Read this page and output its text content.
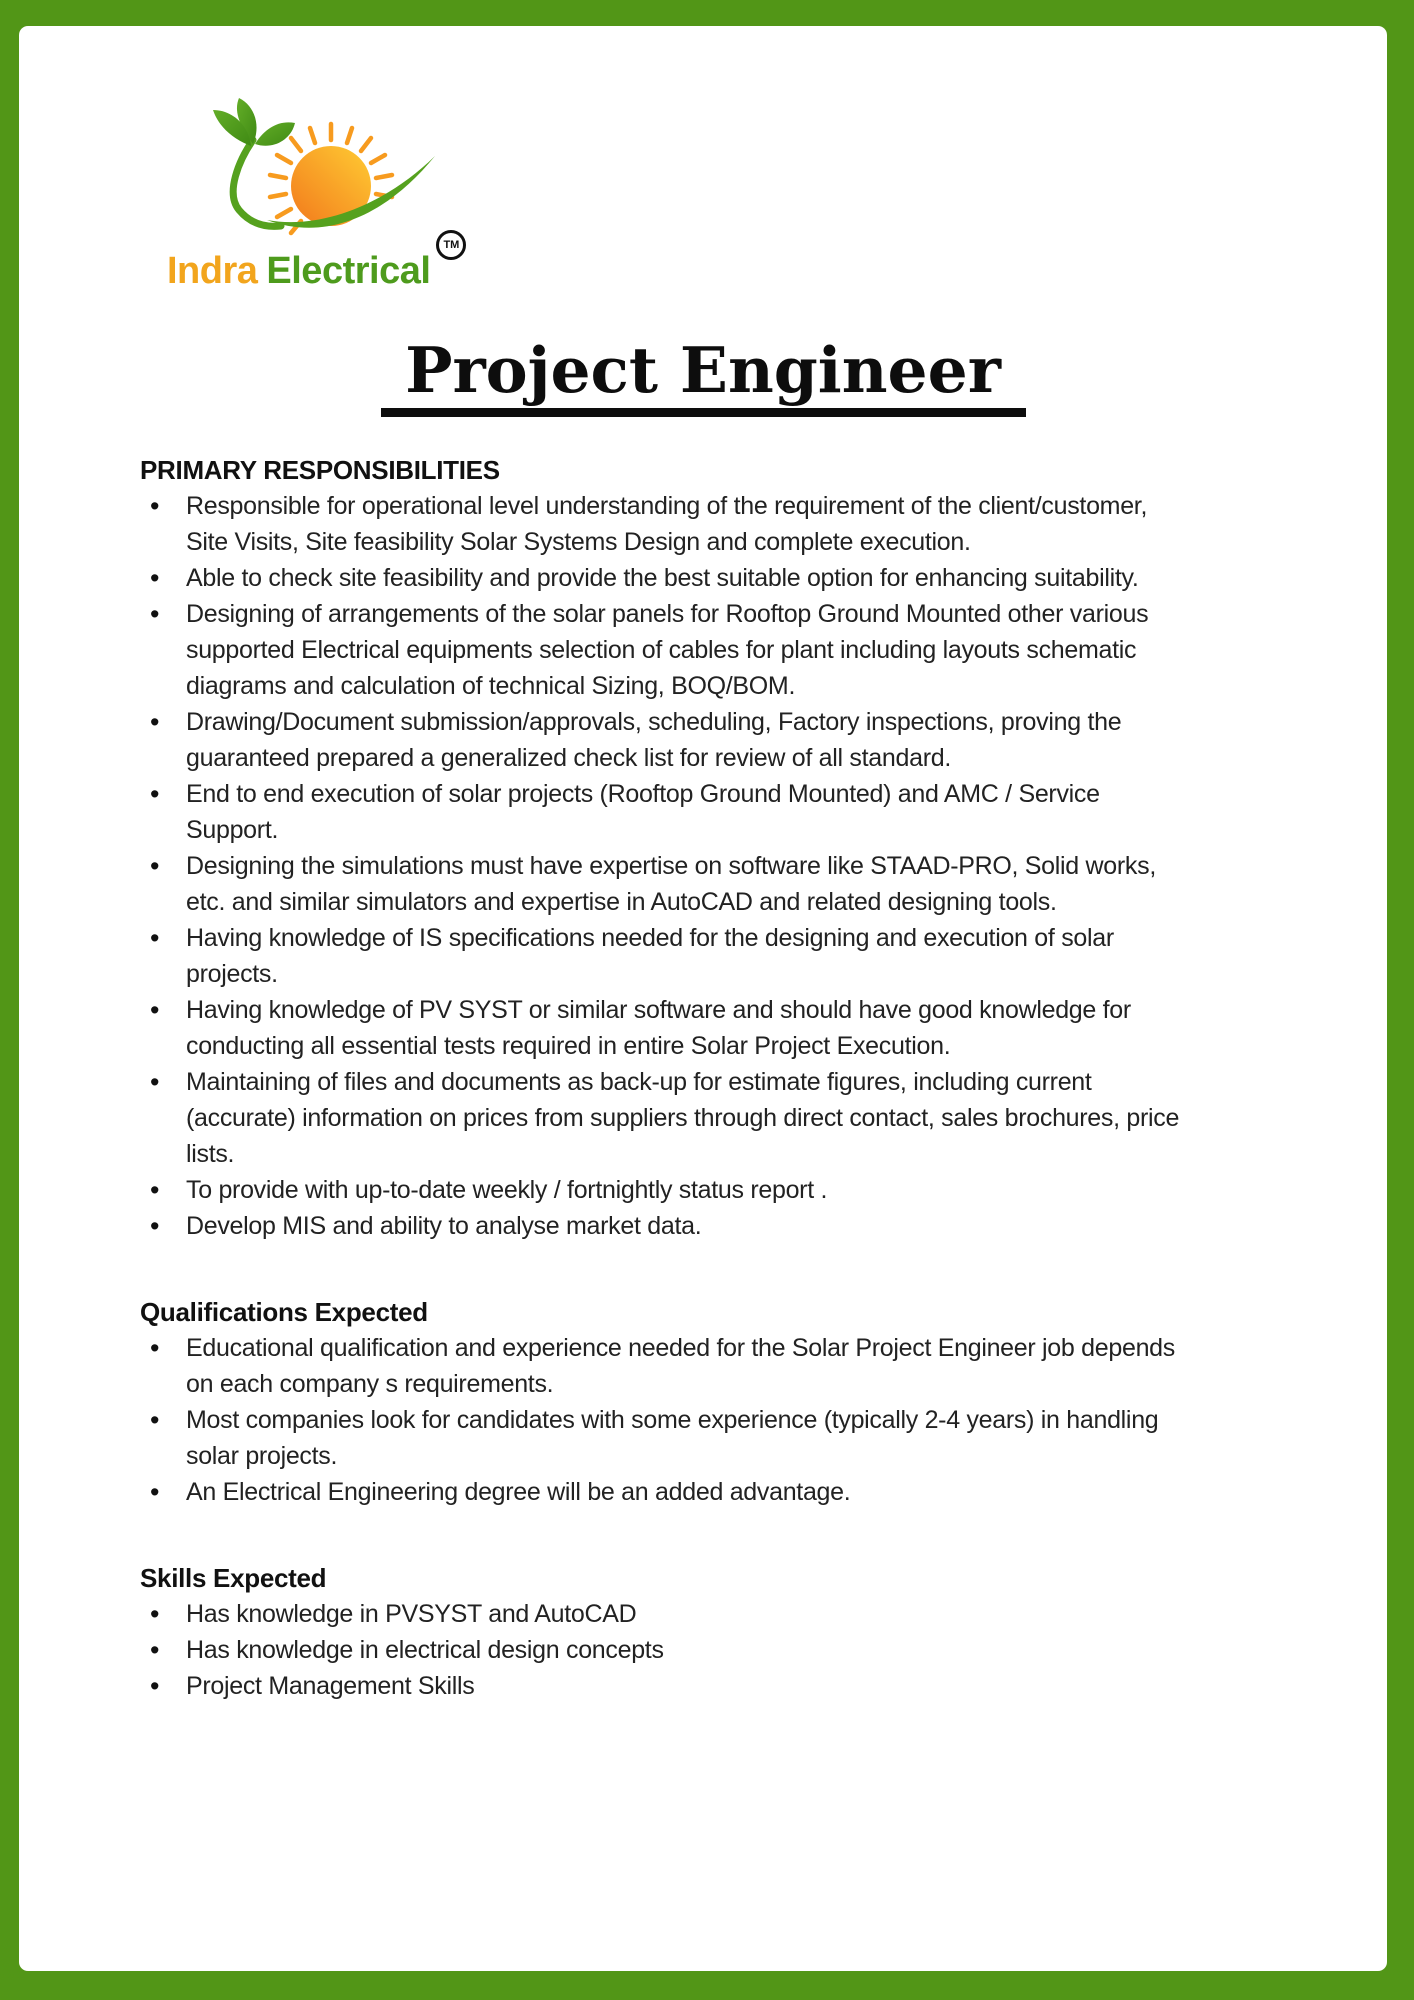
Indra ElectricalTM
Project Engineer
PRIMARY RESPONSIBILITIES
• Responsible for operational level understanding of the requirement of the client/customer, Site Visits, Site feasibility Solar Systems Design and complete execution.
• Able to check site feasibility and provide the best suitable option for enhancing suitability.
• Designing of arrangements of the solar panels for Rooftop Ground Mounted other various supported Electrical equipments selection of cables for plant including layouts schematic diagrams and calculation of technical Sizing, BOQ/BOM.
• Drawing/Document submission/approvals, scheduling, Factory inspections, proving the guaranteed prepared a generalized check list for review of all standard.
• End to end execution of solar projects (Rooftop Ground Mounted) and AMC / Service Support.
• Designing the simulations must have expertise on software like STAAD-PRO, Solid works, etc. and similar simulators and expertise in AutoCAD and related designing tools.
• Having knowledge of IS specifications needed for the designing and execution of solar projects.
• Having knowledge of PV SYST or similar software and should have good knowledge for conducting all essential tests required in entire Solar Project Execution.
• Maintaining of files and documents as back-up for estimate figures, including current (accurate) information on prices from suppliers through direct contact, sales brochures, price lists.
• To provide with up-to-date weekly / fortnightly status report .
• Develop MIS and ability to analyse market data.
Qualifications Expected
• Educational qualification and experience needed for the Solar Project Engineer job depends on each company s requirements.
• Most companies look for candidates with some experience (typically 2-4 years) in handling solar projects.
• An Electrical Engineering degree will be an added advantage.
Skills Expected
• Has knowledge in PVSYST and AutoCAD
• Has knowledge in electrical design concepts
• Project Management Skills
